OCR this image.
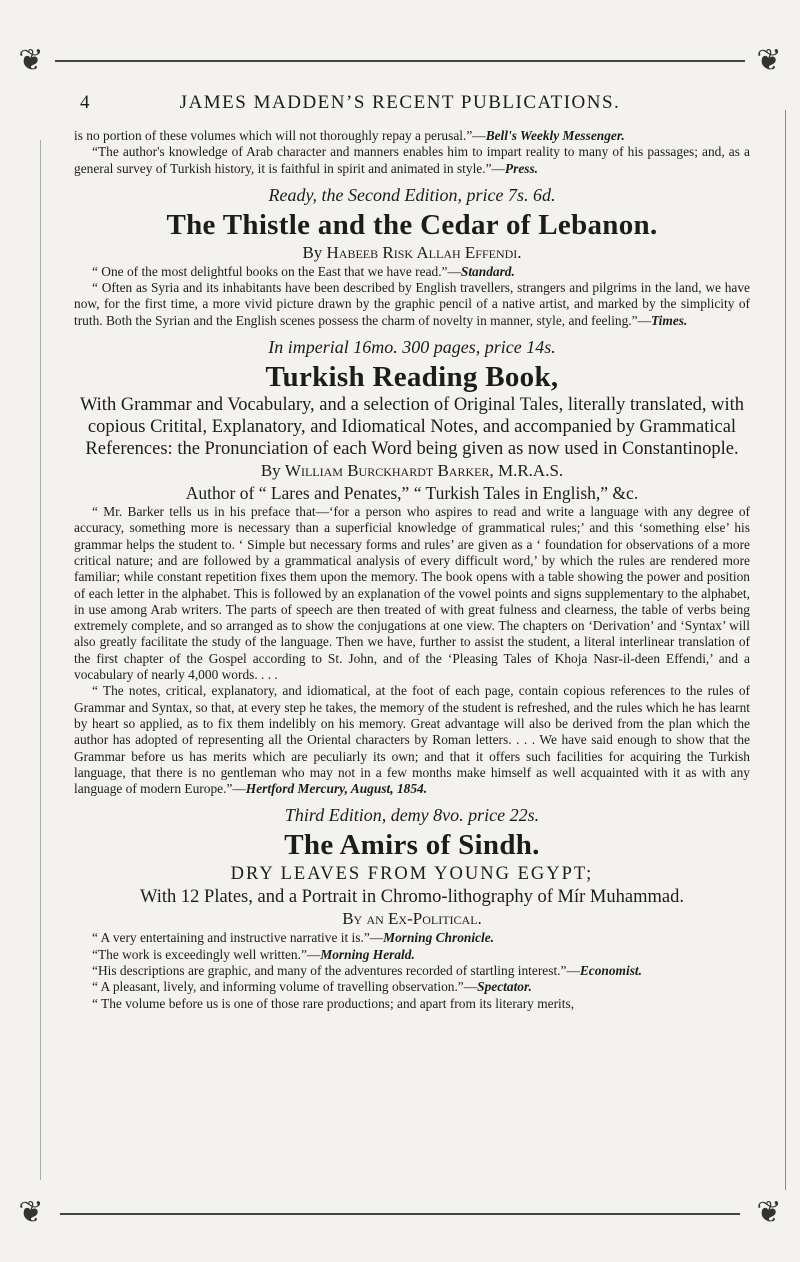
❦	❦
❦	❦
4	JAMES MADDEN’S RECENT PUBLICATIONS.

is no portion of these volumes which will not thoroughly repay a perusal.”—Bell's Weekly Messenger.

“The author's knowledge of Arab character and manners enables him to impart reality to many of his passages; and, as a general survey of Turkish history, it is faithful in spirit and animated in style.”—Press.

Ready, the Second Edition, price 7s. 6d.
The Thistle and the Cedar of Lebanon.
By Habeeb Risk Allah Effendi.

“ One of the most delightful books on the East that we have read.”—Standard.

“ Often as Syria and its inhabitants have been described by English travellers, strangers and pilgrims in the land, we have now, for the first time, a more vivid picture drawn by the graphic pencil of a native artist, and marked by the simplicity of truth. Both the Syrian and the English scenes possess the charm of novelty in manner, style, and feeling.”—Times.

In imperial 16mo. 300 pages, price 14s.
Turkish Reading Book,
With Grammar and Vocabulary, and a selection of Original Tales, literally translated, with copious Critital, Explanatory, and Idiomatical Notes, and accompanied by Grammatical References: the Pronunciation of each Word being given as now used in Constantinople.
By William Burckhardt Barker, M.R.A.S.
Author of “ Lares and Penates,” “ Turkish Tales in English,” &c.

“ Mr. Barker tells us in his preface that—‘for a person who aspires to read and write a language with any degree of accuracy, something more is necessary than a superficial knowledge of grammatical rules;’ and this ‘something else’ his grammar helps the student to. ‘ Simple but necessary forms and rules’ are given as a ‘ foundation for observations of a more critical nature; and are followed by a grammatical analysis of every difficult word,’ by which the rules are rendered more familiar; while constant repetition fixes them upon the memory. The book opens with a table showing the power and position of each letter in the alphabet. This is followed by an explanation of the vowel points and signs supplementary to the alphabet, in use among Arab writers. The parts of speech are then treated of with great fulness and clearness, the table of verbs being extremely complete, and so arranged as to show the conjugations at one view. The chapters on ‘Derivation’ and ‘Syntax’ will also greatly facilitate the study of the language. Then we have, further to assist the student, a literal interlinear translation of the first chapter of the Gospel according to St. John, and of the ‘Pleasing Tales of Khoja Nasr-il-deen Effendi,’ and a vocabulary of nearly 4,000 words. . . .

“ The notes, critical, explanatory, and idiomatical, at the foot of each page, contain copious references to the rules of Grammar and Syntax, so that, at every step he takes, the memory of the student is refreshed, and the rules which he has learnt by heart so applied, as to fix them indelibly on his memory. Great advantage will also be derived from the plan which the author has adopted of representing all the Oriental characters by Roman letters. . . . We have said enough to show that the Grammar before us has merits which are peculiarly its own; and that it offers such facilities for acquiring the Turkish language, that there is no gentleman who may not in a few months make himself as well acquainted with it as with any language of modern Europe.”—Hertford Mercury, August, 1854.

Third Edition, demy 8vo. price 22s.
The Amirs of Sindh.
DRY LEAVES FROM YOUNG EGYPT;
With 12 Plates, and a Portrait in Chromo-lithography of Mír Muhammad.
By an Ex-Political.

“ A very entertaining and instructive narrative it is.”—Morning Chronicle.

“The work is exceedingly well written.”—Morning Herald.

“His descriptions are graphic, and many of the adventures recorded of startling interest.”—Economist.

“ A pleasant, lively, and informing volume of travelling observation.”—Spectator.

“ The volume before us is one of those rare productions; and apart from its literary merits,
